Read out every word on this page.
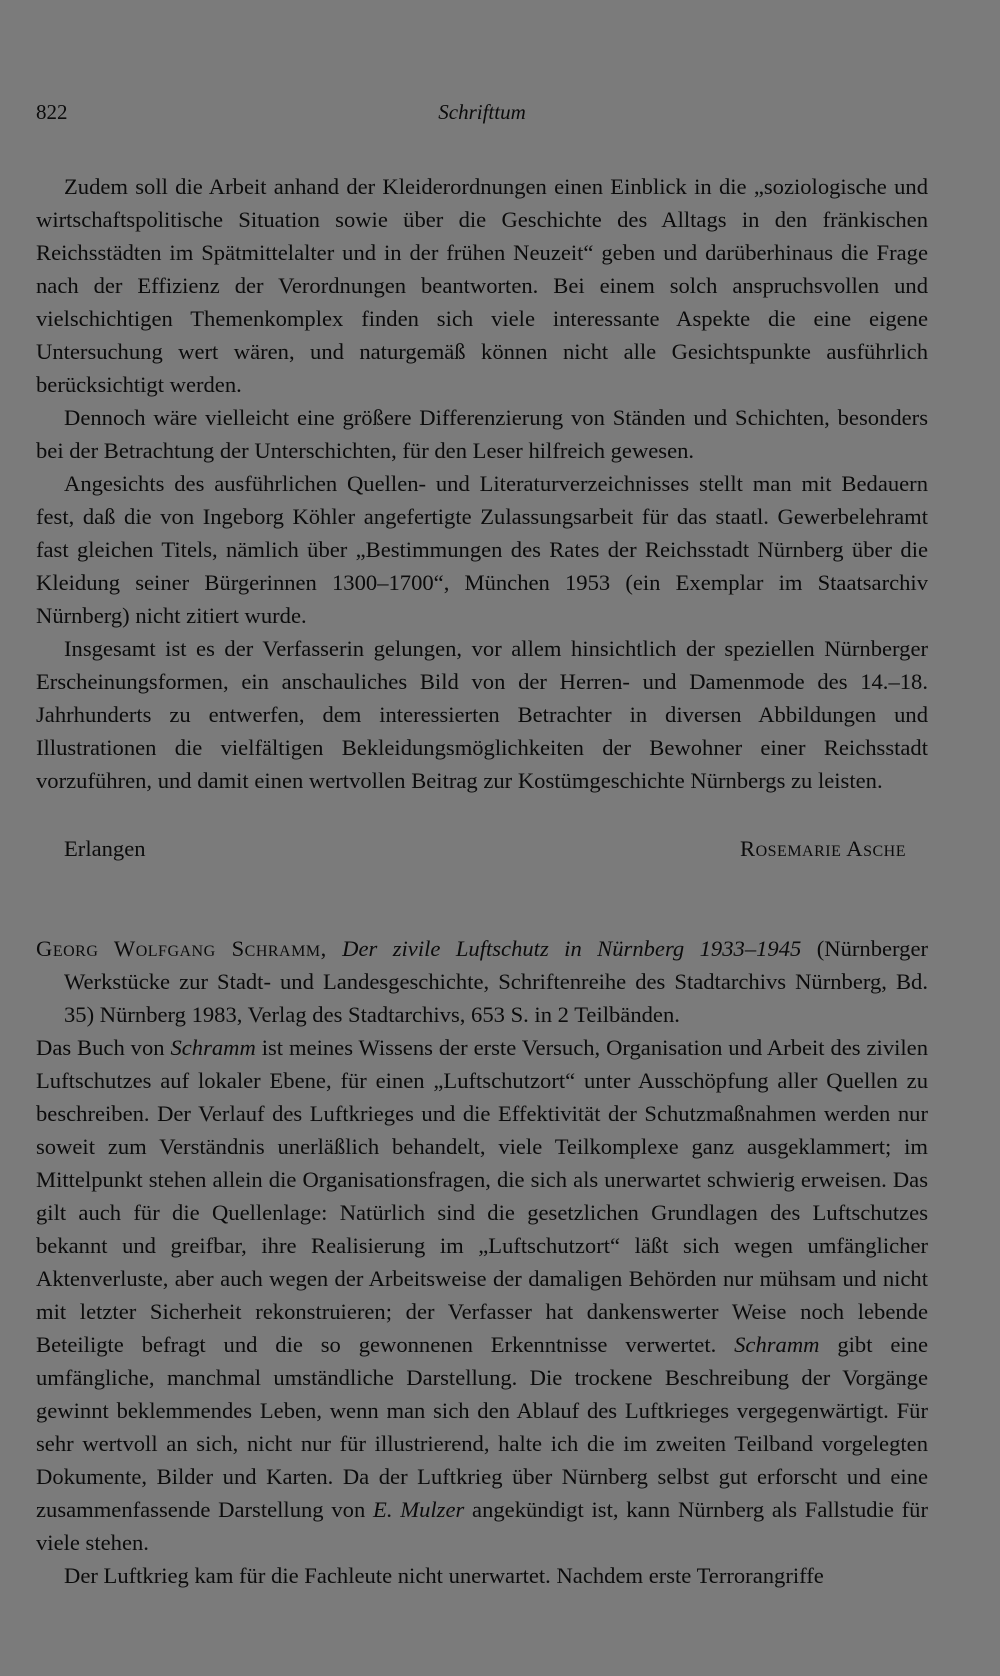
822	Schrifttum

Zudem soll die Arbeit anhand der Kleiderordnungen einen Einblick in die „soziologische und wirtschaftspolitische Situation sowie über die Geschichte des Alltags in den fränkischen Reichsstädten im Spätmittelalter und in der frühen Neuzeit“ geben und darüberhinaus die Frage nach der Effizienz der Verordnungen beantworten. Bei einem solch anspruchsvollen und vielschichtigen Themenkomplex finden sich viele interessante Aspekte die eine eigene Untersuchung wert wären, und naturgemäß können nicht alle Gesichtspunkte ausführlich berücksichtigt werden.

Dennoch wäre vielleicht eine größere Differenzierung von Ständen und Schichten, besonders bei der Betrachtung der Unterschichten, für den Leser hilfreich gewesen.

Angesichts des ausführlichen Quellen- und Literaturverzeichnisses stellt man mit Bedauern fest, daß die von Ingeborg Köhler angefertigte Zulassungsarbeit für das staatl. Gewerbelehramt fast gleichen Titels, nämlich über „Bestimmungen des Rates der Reichsstadt Nürnberg über die Kleidung seiner Bürgerinnen 1300–1700“, München 1953 (ein Exemplar im Staatsarchiv Nürnberg) nicht zitiert wurde.

Insgesamt ist es der Verfasserin gelungen, vor allem hinsichtlich der speziellen Nürnberger Erscheinungsformen, ein anschauliches Bild von der Herren- und Damenmode des 14.–18. Jahrhunderts zu entwerfen, dem interessierten Betrachter in diversen Abbildungen und Illustrationen die vielfältigen Bekleidungsmöglichkeiten der Bewohner einer Reichsstadt vorzuführen, und damit einen wertvollen Beitrag zur Kostümgeschichte Nürnbergs zu leisten.

Erlangen	Rosemarie Asche

Georg Wolfgang Schramm, Der zivile Luftschutz in Nürnberg 1933–1945 (Nürnberger Werkstücke zur Stadt- und Landesgeschichte, Schriftenreihe des Stadtarchivs Nürnberg, Bd. 35) Nürnberg 1983, Verlag des Stadtarchivs, 653 S. in 2 Teilbänden.

Das Buch von Schramm ist meines Wissens der erste Versuch, Organisation und Arbeit des zivilen Luftschutzes auf lokaler Ebene, für einen „Luftschutzort“ unter Ausschöpfung aller Quellen zu beschreiben. Der Verlauf des Luftkrieges und die Effektivität der Schutzmaßnahmen werden nur soweit zum Verständnis unerläßlich behandelt, viele Teilkomplexe ganz ausgeklammert; im Mittelpunkt stehen allein die Organisationsfragen, die sich als unerwartet schwierig erweisen. Das gilt auch für die Quellenlage: Natürlich sind die gesetzlichen Grundlagen des Luftschutzes bekannt und greifbar, ihre Realisierung im „Luftschutzort“ läßt sich wegen umfänglicher Aktenverluste, aber auch wegen der Arbeitsweise der damaligen Behörden nur mühsam und nicht mit letzter Sicherheit rekonstruieren; der Verfasser hat dankenswerter Weise noch lebende Beteiligte befragt und die so gewonnenen Erkenntnisse verwertet. Schramm gibt eine umfängliche, manchmal umständliche Darstellung. Die trockene Beschreibung der Vorgänge gewinnt beklemmendes Leben, wenn man sich den Ablauf des Luftkrieges vergegenwärtigt. Für sehr wertvoll an sich, nicht nur für illustrierend, halte ich die im zweiten Teilband vorgelegten Dokumente, Bilder und Karten. Da der Luftkrieg über Nürnberg selbst gut erforscht und eine zusammenfassende Darstellung von E. Mulzer angekündigt ist, kann Nürnberg als Fallstudie für viele stehen.

Der Luftkrieg kam für die Fachleute nicht unerwartet. Nachdem erste Terrorangriffe
